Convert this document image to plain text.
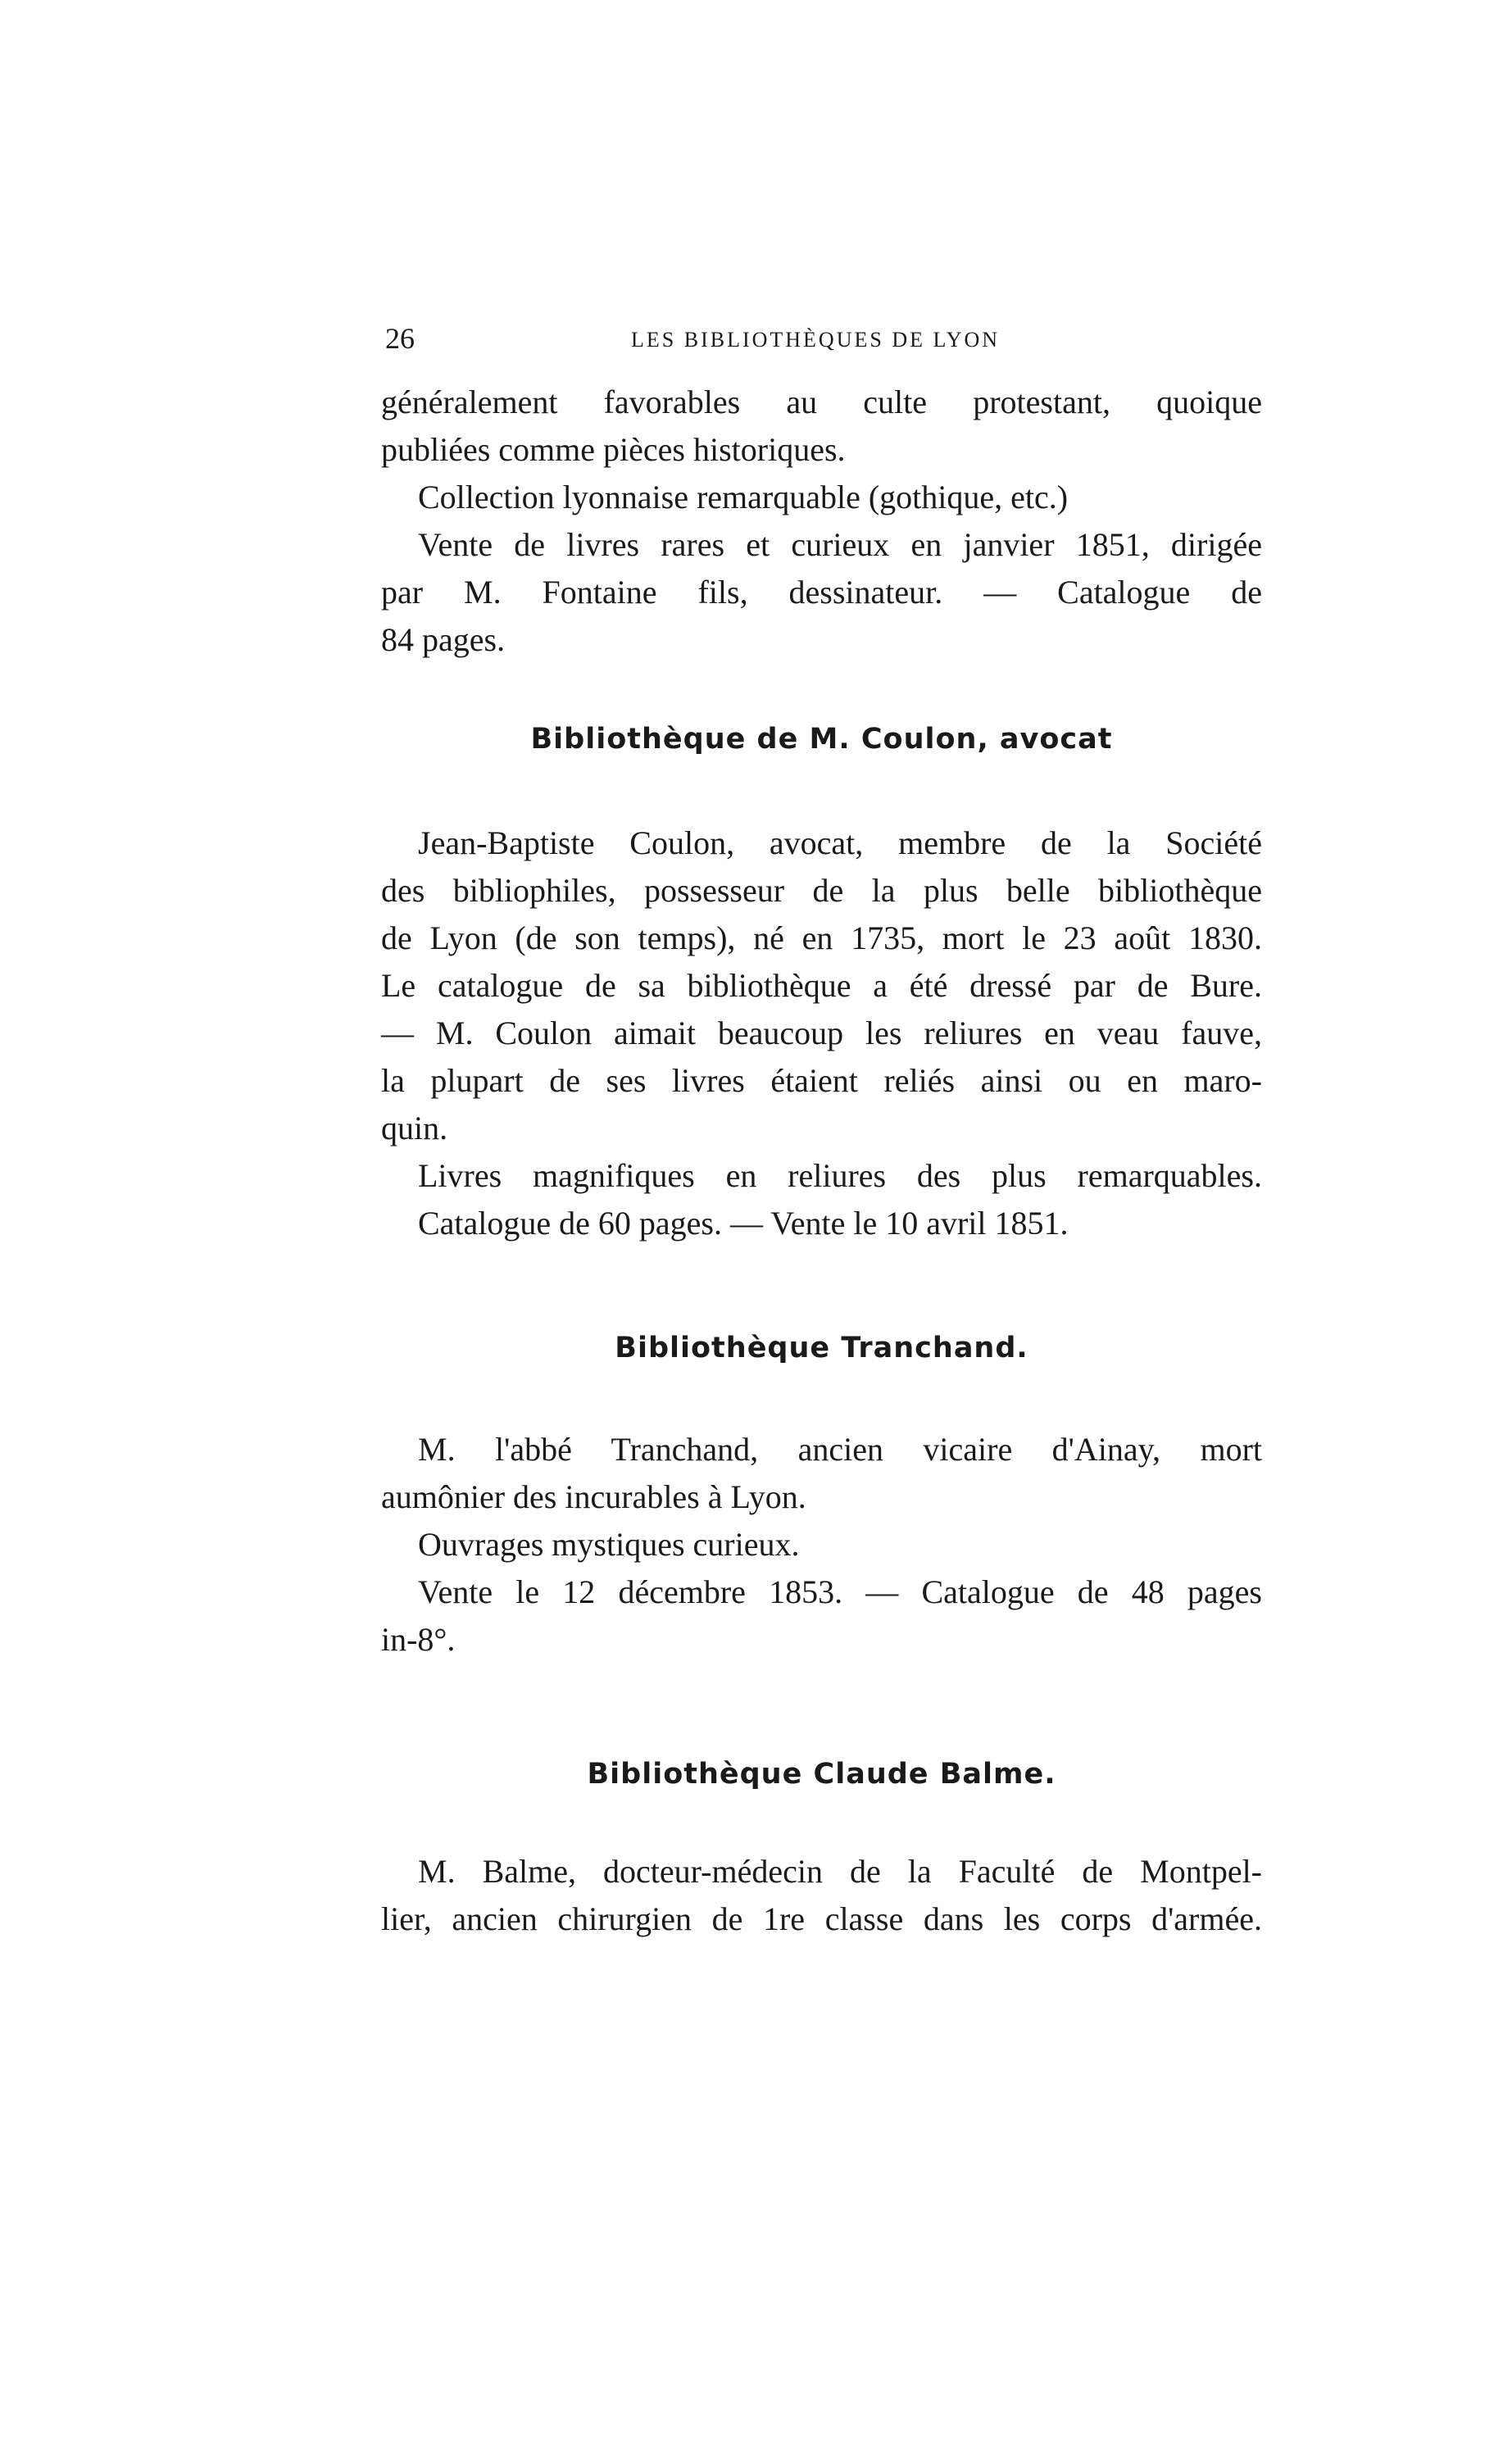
26	LES BIBLIOTHÈQUES DE LYON
généralement favorables au culte protestant, quoique
publiées comme pièces historiques.
Collection lyonnaise remarquable (gothique, etc.)
Vente de livres rares et curieux en janvier 1851, dirigée
par M. Fontaine fils, dessinateur. — Catalogue de
84 pages.
Bibliothèque de M. Coulon, avocat
Jean-Baptiste Coulon, avocat, membre de la Société
des bibliophiles, possesseur de la plus belle bibliothèque
de Lyon (de son temps), né en 1735, mort le 23 août 1830.
Le catalogue de sa bibliothèque a été dressé par de Bure.
— M. Coulon aimait beaucoup les reliures en veau fauve,
la plupart de ses livres étaient reliés ainsi ou en maro-
quin.
Livres magnifiques en reliures des plus remarquables.
Catalogue de 60 pages. — Vente le 10 avril 1851.
Bibliothèque Tranchand.
M. l'abbé Tranchand, ancien vicaire d'Ainay, mort
aumônier des incurables à Lyon.
Ouvrages mystiques curieux.
Vente le 12 décembre 1853. — Catalogue de 48 pages
in-8°.
Bibliothèque Claude Balme.
M. Balme, docteur-médecin de la Faculté de Montpel-
lier, ancien chirurgien de 1re classe dans les corps d'armée.
